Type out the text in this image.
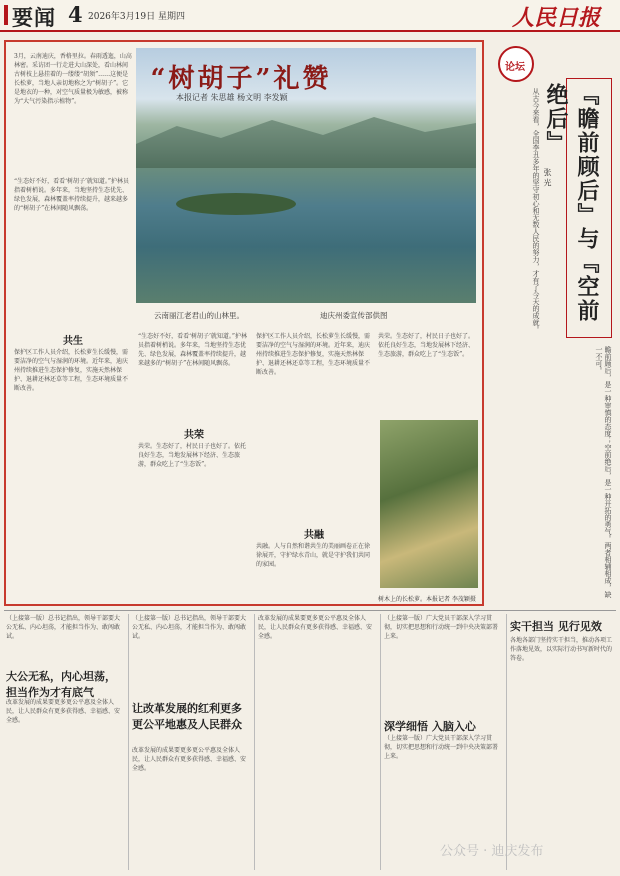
要闻 4 2026年3月19日 星期四	人民日报
“树胡子”礼赞
本报记者 朱思雄 杨文明 李发颖
云南丽江老君山的山林里。	迪庆州委宣传部供图
3月，云南迪庆，香格里拉。春雨透迤，山高林密。采访团一行走进大山深处，看山林间古树枝上悬挂着的一缕缕“胡须”……这便是长松萝，当地人亲切地称之为“树胡子”。它是地衣的一种，对空气质量极为敏感，被称为“大气污染指示植物”。
“生态好不好，看看‘树胡子’就知道。”护林员指着树梢说。多年来，当地坚持生态优先、绿色发展，森林覆盖率持续提升，越来越多的“树胡子”在林间随风飘荡。
共生
保护区工作人员介绍，长松萝生长缓慢，需要洁净的空气与湿润的环境。近年来，迪庆州持续推进生态保护修复，实施天然林保护、退耕还林还草等工程，生态环境质量不断改善。
“生态好不好，看看‘树胡子’就知道。”护林员指着树梢说。多年来，当地坚持生态优先、绿色发展，森林覆盖率持续提升，越来越多的“树胡子”在林间随风飘荡。
共荣
共荣。生态好了，村民日子也好了。依托良好生态，当地发展林下经济、生态旅游，群众吃上了“生态饭”。
保护区工作人员介绍，长松萝生长缓慢，需要洁净的空气与湿润的环境。近年来，迪庆州持续推进生态保护修复，实施天然林保护、退耕还林还草等工程，生态环境质量不断改善。
共融
共融。人与自然和谐共生的美丽画卷正在徐徐展开，守护绿水青山，就是守护我们共同的家园。
共荣。生态好了，村民日子也好了。依托良好生态，当地发展林下经济、生态旅游，群众吃上了“生态饭”。
树木上的长松萝。本报记者 李茂颖摄
论坛
『瞻前顾后』与『空前绝后』
张 光
从古今来看，全国李丑多年的坚守初心和无数人民的努力，才有了今天的成就。
瞻前顾后，是一种审慎的态度；空前绝后，是一种开拓的勇气。两者相辅相成，缺一不可。
（上接第一版）总书记指出，领导干部要大公无私、内心坦荡，才能担当作为、敢闯敢试。
大公无私，内心坦荡，担当作为才有底气
改革发展的成果要更多更公平惠及全体人民，让人民群众有更多获得感、幸福感、安全感。
（上接第一版）总书记指出，领导干部要大公无私、内心坦荡，才能担当作为、敢闯敢试。
让改革发展的红利更多更公平地惠及人民群众
改革发展的成果要更多更公平惠及全体人民，让人民群众有更多获得感、幸福感、安全感。
改革发展的成果要更多更公平惠及全体人民，让人民群众有更多获得感、幸福感、安全感。
（上接第一版）广大党员干部深入学习贯彻，切实把思想和行动统一到中央决策部署上来。
深学细悟 入脑入心
（上接第一版）广大党员干部深入学习贯彻，切实把思想和行动统一到中央决策部署上来。
实干担当 见行见效
各地各部门坚持实干担当，推动各项工作落地见效，以实际行动书写新时代的答卷。
公众号 · 迪庆发布
